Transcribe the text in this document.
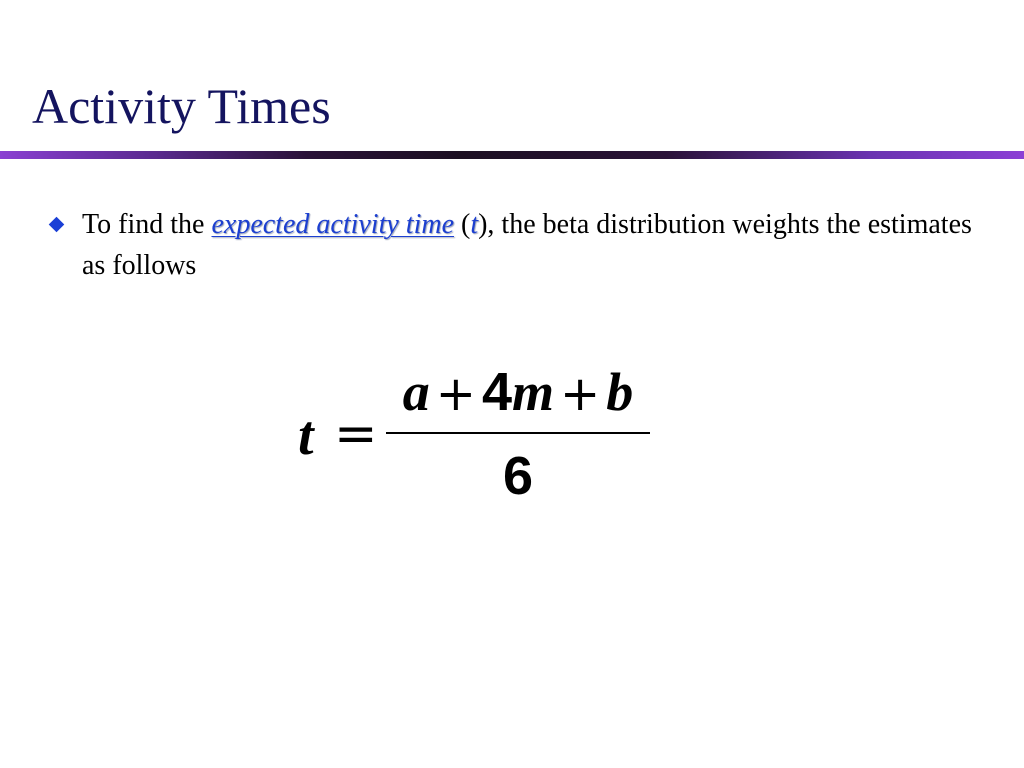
Activity Times

To find the expected activity time (t), the beta distribution weights the estimates as follows

t =
a + 4m + b
6
